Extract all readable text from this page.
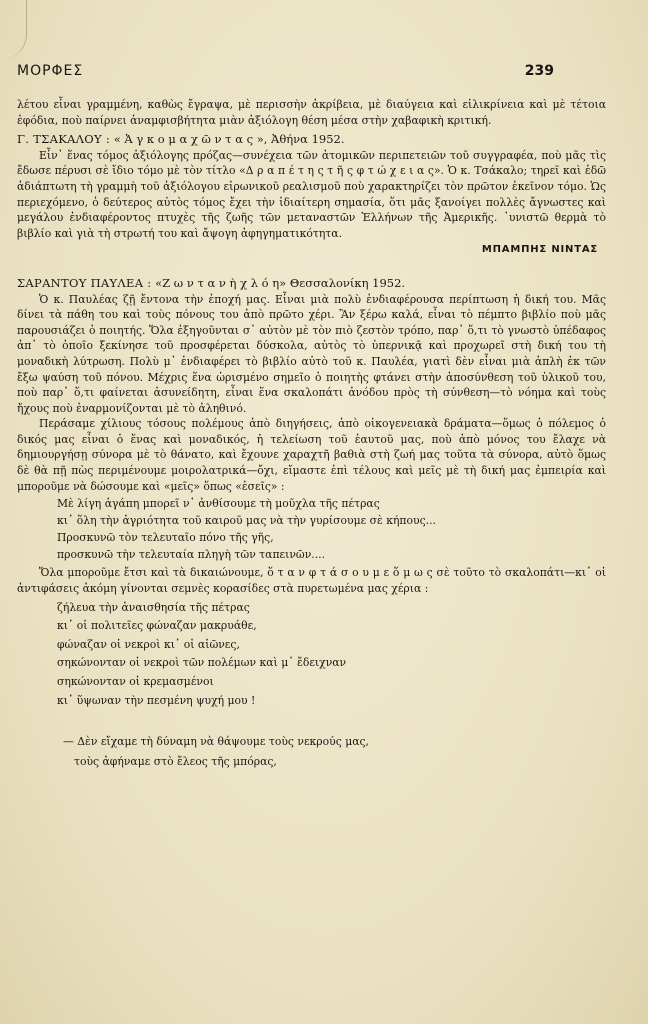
ΜΟΡΦΕΣ	239

λέτου εἶναι γραμμένη, καθὼς ἔγραψα, μὲ περισσὴν ἀκρίβεια, μὲ διαύγεια καὶ εἰλικρίνεια καὶ μὲ τέτοια ἐφόδια, ποὺ παίρνει ἀναμφισβήτητα μιὰν ἀξιόλογη θέση μέσα στὴν χαβαφικὴ κριτική.

Γ. ΤΣΑΚΑΛΟΥ : « Ἀ γ κ ο μ α χ ῶ ν τ α ς », Ἀθήνα 1952.

Εἶν᾽ ἕνας τόμος ἀξιόλογης πρόζας—συνέχεια τῶν ἀτομικῶν περιπετειῶν τοῦ συγγραφέα, ποὺ μᾶς τὶς ἔδωσε πέρυσι σὲ ἴδιο τόμο μὲ τὸν τίτλο «Δ ρ α π έ τ η ς τ ῆ ς φ τ ώ χ ε ι α ς». Ὁ κ. Τσάκαλο; τηρεῖ καὶ ἐδῶ ἀδιάπτωτη τὴ γραμμὴ τοῦ ἀξιόλογου εἰρωνικοῦ ρεαλισμοῦ ποὺ χαρακτηρίζει τὸν πρῶτον ἐκεῖνον τόμο. Ὡς περιεχόμενο, ὁ δεύτερος αὐτὸς τόμος ἔχει τὴν ἰδιαίτερη σημασία, ὅτι μᾶς ξανοίγει πολλὲς ἄγνωστες καὶ μεγάλου ἐνδιαφέροντος πτυχὲς τῆς ζωῆς τῶν μεταναστῶν Ἑλλήνων τῆς Ἀμερικῆς. ᾿υνιστῶ θερμὰ τὸ βιβλίο καὶ γιὰ τὴ στρωτή του καὶ ἄψογη ἀφηγηματικότητα.

ΜΠΑΜΠΗΣ ΝΙΝΤΑΣ
ΣΑΡΑΝΤΟΥ ΠΑΥΛΕΑ : «Ζ ω ν τ α ν ὴ χ λ ό η» Θεσσαλονίκη 1952.

Ὁ κ. Παυλέας ζῇ ἔντονα τὴν ἐποχή μας. Εἶναι μιὰ πολὺ ἐνδιαφέρουσα περίπτωση ἡ δική του. Μᾶς δίνει τὰ πάθη του καὶ τοὺς πόνους του ἀπὸ πρῶτο χέρι. Ἂν ξέρω καλά, εἶναι τὸ πέμπτο βιβλίο ποὺ μᾶς παρουσιάζει ὁ ποιητής. Ὅλα ἐξηγοῦνται σ᾽ αὐτὸν μὲ τὸν πιὸ ζεστὸν τρόπο, παρ᾽ ὅ,τι τὸ γνωστὸ ὑπέδαφος ἀπ᾽ τὸ ὁποῖο ξεκίνησε τοῦ προσφέρεται δύσκολα, αὐτὸς τὸ ὑπερνικᾷ καὶ προχωρεῖ στὴ δική του τὴ μοναδικὴ λύτρωση. Πολὺ μ᾽ ἐνδιαφέρει τὸ βιβλίο αὐτὸ τοῦ κ. Παυλέα, γιατὶ δὲν εἶναι μιὰ ἁπλὴ ἐκ τῶν ἔξω ψαύση τοῦ πόνου. Μέχρις ἕνα ὡρισμένο σημεῖο ὁ ποιητὴς φτάνει στὴν ἀποσύνθεση τοῦ ὑλικοῦ του, ποὺ παρ᾽ ὅ,τι φαίνεται ἀσυνείδητη, εἶναι ἕνα σκαλοπάτι ἀνόδου πρὸς τὴ σύνθεση—τὸ νόημα καὶ τοὺς ἤχους ποὺ ἐναρμονίζονται μὲ τὸ ἀληθινό.

Περάσαμε χίλιους τόσους πολέμους ἀπὸ διηγήσεις, ἀπὸ οἰκογενειακὰ δράματα—ὅμως ὁ πόλεμος ὁ δικός μας εἶναι ὁ ἕνας καὶ μοναδικός, ἡ τελείωση τοῦ ἑαυτοῦ μας, ποὺ ἀπὸ μόνος του ἔλαχε νὰ δημιουργήσῃ σύνορα μὲ τὸ θάνατο, καὶ ἔχουνε χαραχτῆ βαθιὰ στὴ ζωή μας τοῦτα τὰ σύνορα, αὐτὸ ὅμως δὲ θὰ πῇ πὼς περιμένουμε μοιρολατρικά—ὄχι, εἴμαστε ἐπὶ τέλους καὶ μεῖς μὲ τὴ δική μας ἐμπειρία καὶ μποροῦμε νὰ δώσουμε καὶ «μεῖς» ὅπως «ἐσεῖς» :

Μὲ λίγη ἀγάπη μπορεῖ ν᾽ ἀνθίσουμε τὴ μοῦχλα τῆς πέτρας
κι᾽ ὅλη τὴν ἀγριότητα τοῦ καιροῦ μας νὰ τὴν γυρίσουμε σὲ κήπους...
Προσκυνῶ τὸν τελευταῖο πόνο τῆς γῆς,
προσκυνῶ τὴν τελευταία πληγὴ τῶν ταπεινῶν....

Ὅλα μποροῦμε ἔτσι καὶ τὰ δικαιώνουμε, ὅ τ α ν φ τ ά σ ο υ μ ε ὅ μ ω ς σὲ τοῦτο τὸ σκαλοπάτι—κι᾽ οἱ ἀντιφάσεις ἀκόμη γίνονται σεμνὲς κορασίδες στὰ πυρετωμένα μας χέρια :

ζήλευα τὴν ἀναισθησία τῆς πέτρας
κι᾽ οἱ πολιτεῖες φώναζαν μακρυάθε,
φώναζαν οἱ νεκροὶ κι᾽ οἱ αἰῶνες,
σηκώνονταν οἱ νεκροὶ τῶν πολέμων καὶ μ᾽ ἔδειχναν
σηκώνονταν οἱ κρεμασμένοι
κι᾽ ὕψωναν τὴν πεσμένη ψυχή μου !
— Δὲν εἴχαμε τὴ δύναμη νὰ θάψουμε τοὺς νεκρούς μας,
τοὺς ἀφήναμε στὸ ἔλεος τῆς μπόρας,
